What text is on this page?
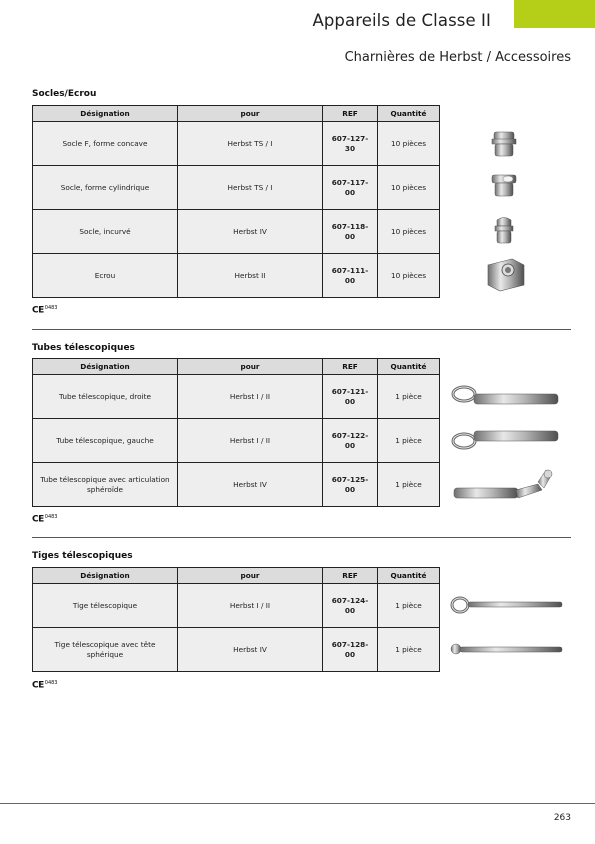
Appareils de Classe II
Charnières de Herbst / Accessoires
Socles/Ecrou
Désignation	pour	REF	Quantité
Socle F, forme concave	Herbst TS / I	607-127-30	10 pièces
Socle, forme cylindrique	Herbst TS / I	607-117-00	10 pièces
Socle, incurvé	Herbst IV	607-118-00	10 pièces
Ecrou	Herbst II	607-111-00	10 pièces
$CE^{0483}$
Tubes télescopiques
Désignation	pour	REF	Quantité
Tube télescopique, droite	Herbst I / II	607-121-00	1 pièce
Tube télescopique, gauche	Herbst I / II	607-122-00	1 pièce
Tube télescopique avec articulation sphéroïde	Herbst IV	607-125-00	1 pièce
$CE^{0483}$
Tiges télescopiques
Désignation	pour	REF	Quantité
Tige télescopique	Herbst I / II	607-124-00	1 pièce
Tige télescopique avec tête sphérique	Herbst IV	607-128-00	1 pièce
$CE^{0483}$
263
